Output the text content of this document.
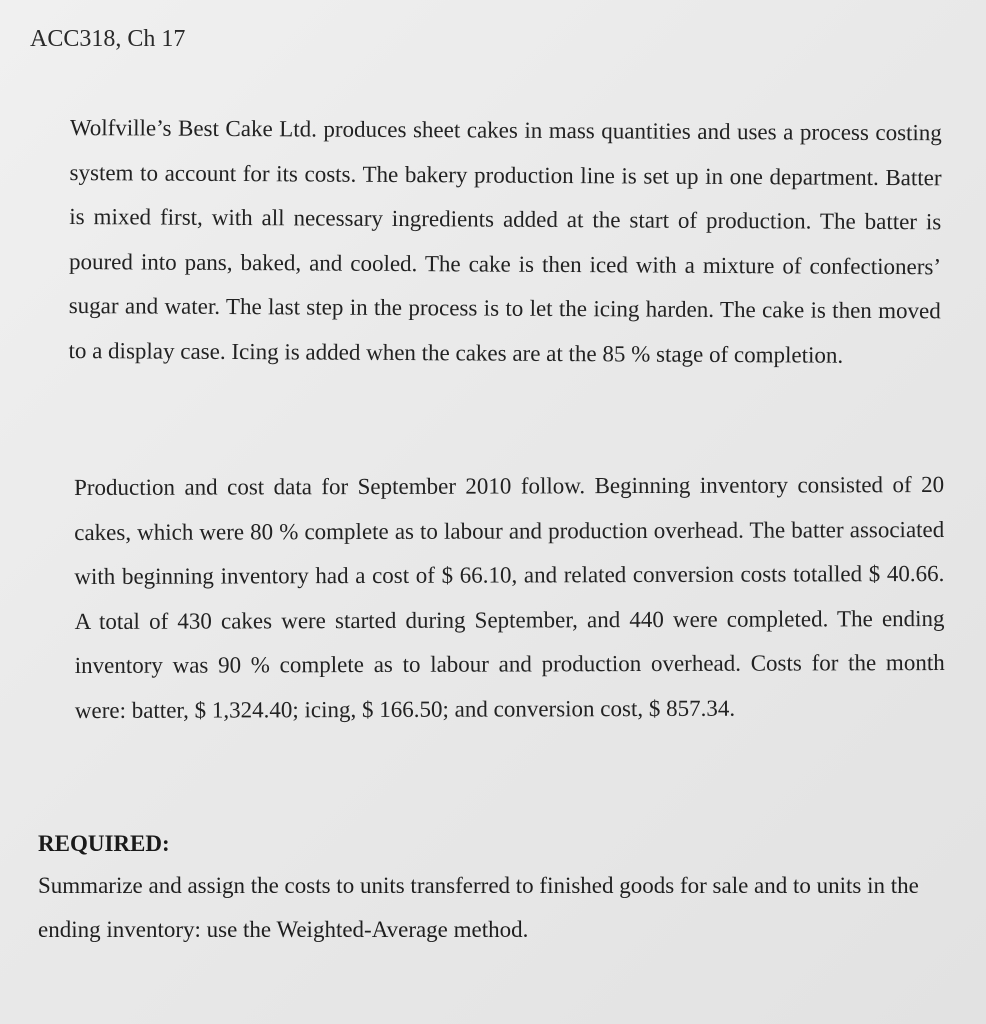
ACC318, Ch 17

Wolfville’s Best Cake Ltd. produces sheet cakes in mass quantities and uses a process costing system to account for its costs. The bakery production line is set up in one department. Batter is mixed first, with all necessary ingredients added at the start of production. The batter is poured into pans, baked, and cooled. The cake is then iced with a mixture of confectioners’ sugar and water. The last step in the process is to let the icing harden. The cake is then moved to a display case. Icing is added when the cakes are at the 85 % stage of completion.

Production and cost data for September 2010 follow. Beginning inventory consisted of 20 cakes, which were 80 % complete as to labour and production overhead. The batter associated with beginning inventory had a cost of $ 66.10, and related conversion costs totalled $ 40.66. A total of 430 cakes were started during September, and 440 were completed. The ending inventory was 90 % complete as to labour and production overhead. Costs for the month were: batter, $ 1,324.40; icing, $ 166.50; and conversion cost, $ 857.34.

REQUIRED:

Summarize and assign the costs to units transferred to finished goods for sale and to units in the ending inventory: use the Weighted-Average method.
